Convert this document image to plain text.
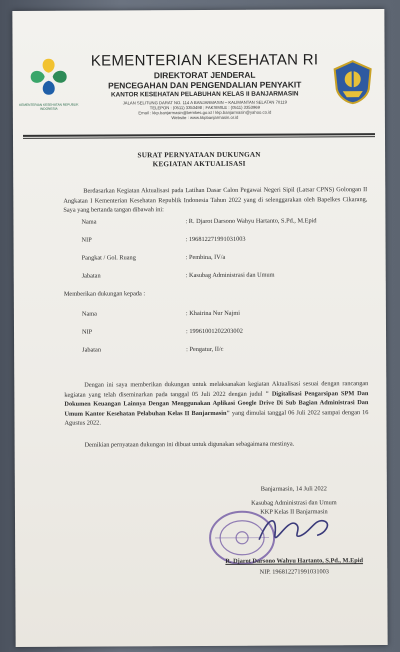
KEMENTERIAN KESEHATAN REPUBLIK INDONESIA
KEMENTERIAN KESEHATAN RI
DIREKTORAT JENDERAL
PENCEGAHAN DAN PENGENDALIAN PENYAKIT
KANTOR KESEHATAN PELABUHAN KELAS II BANJARMASIN
JALAN SELITUNG DARAT NO. 114 A BANJARMASIN – KALIMANTAN SELATAN 70119
TELEPON : (0511) 3353498 ; FAKSIMILE : (0511) 3353969
Email : kkp.banjarmasin@kemkes.go.id / kkp.banjarmasin@yahoo.co.id
Website : www.kkpbanjarmasin.or.id
SURAT PERNYATAAN DUKUNGAN
KEGIATAN AKTUALISASI
Berdasarkan Kegiatan Aktualisasi pada Latihan Dasar Calon Pegawai Negeri Sipil (Latsar CPNS) Golongan II Angkatan I Kementerian Kesehatan Republik Indonesia Tahun 2022 yang di selenggarakan oleh Bapelkes Cikarang, Saya yang bertanda tangan dibawah ini:
Nama	: R. Djarot Darsono Wahyu Hartanto, S.Pd., M.Epid
NIP	: 196812271991031003
Pangkat / Gol. Ruang	: Pembina, IV/a
Jabatan	: Kasubag Administrasi dan Umum
Memberikan dukungan kepada :
Nama	: Khairina Nur Najmi
NIP	: 19961001202203002
Jabatan	: Pengatur, II/c
Dengan ini saya memberikan dukungan untuk melaksanakan kegiatan Aktualisasi sesuai dengan rancangan kegiatan yang telah diseminarkan pada tanggal 05 Juli 2022 dengan judul " Digitalisasi Pengarsipan SPM Dan Dokumen Keuangan Lainnya Dengan Menggunakan Aplikasi Google Drive Di Sub Bagian Administrasi Dan Umum Kantor Kesehatan Pelabuhan Kelas II Banjarmasin" yang dimulai tanggal 06 Juli 2022 sampai dengan 16 Agustus 2022.
Demikian pernyataan dukungan ini dibuat untuk digunakan sebagaimana mestinya.
Banjarmasin, 14 Juli 2022
Kasubag Administrasi dan Umum
KKP Kelas II Banjarmasin
R. Djarot Darsono Wahyu Hartanto, S.Pd., M.Epid
NIP. 196812271991031003
